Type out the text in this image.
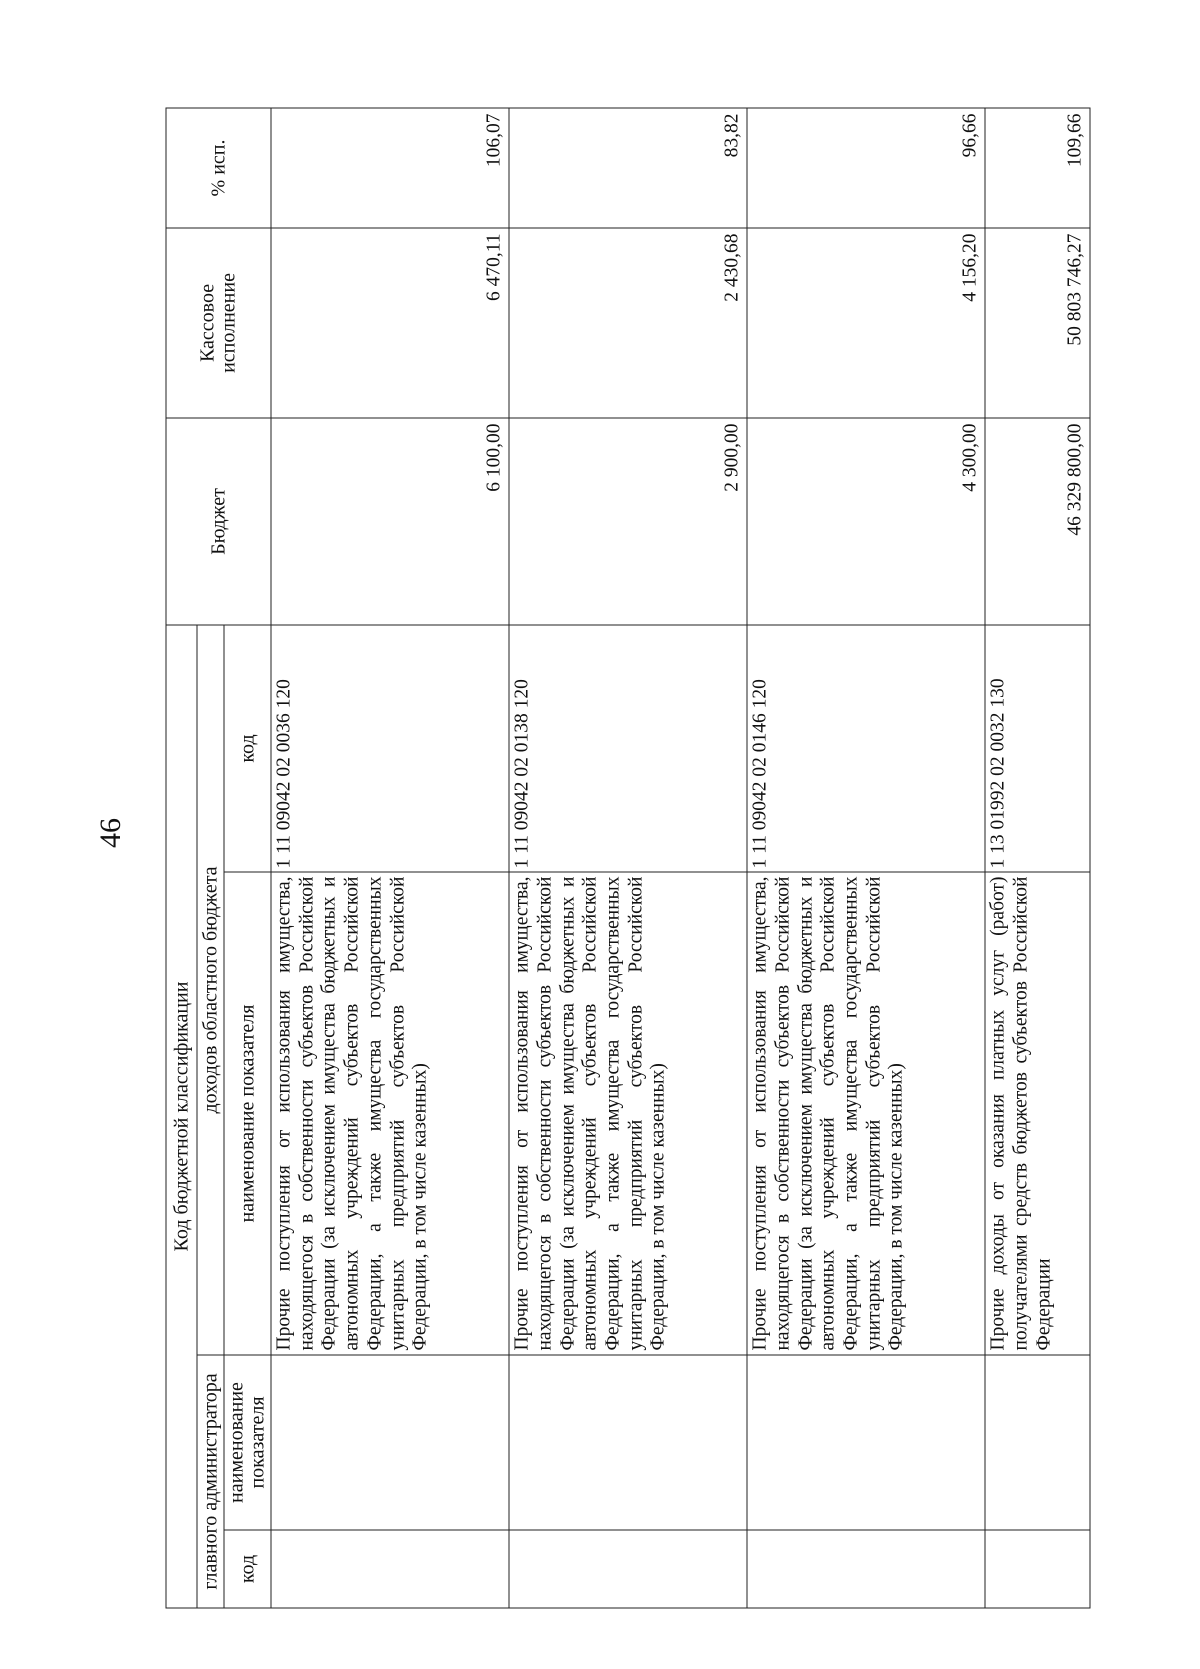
46
Код бюджетной классификации				Бюджет	Кассовое исполнение	% исп.
главного администратора		доходов областного бюджета				
код	наименование показателя	наименование показателя	код			
		Прочие поступления от использования имущества, находящегося в собственности субъектов Российской Федерации (за исключением имущества бюджетных и автономных учреждений субъектов Российской Федерации, а также имущества государственных унитарных предприятий субъектов Российской Федерации, в том числе казенных)	1 11 09042 02 0036 120	6 100,00	6 470,11	106,07
		Прочие поступления от использования имущества, находящегося в собственности субъектов Российской Федерации (за исключением имущества бюджетных и автономных учреждений субъектов Российской Федерации, а также имущества государственных унитарных предприятий субъектов Российской Федерации, в том числе казенных)	1 11 09042 02 0138 120	2 900,00	2 430,68	83,82
		Прочие поступления от использования имущества, находящегося в собственности субъектов Российской Федерации (за исключением имущества бюджетных и автономных учреждений субъектов Российской Федерации, а также имущества государственных унитарных предприятий субъектов Российской Федерации, в том числе казенных)	1 11 09042 02 0146 120	4 300,00	4 156,20	96,66
		Прочие доходы от оказания платных услуг (работ) получателями средств бюджетов субъектов Российской Федерации	1 13 01992 02 0032 130	46 329 800,00	50 803 746,27	109,66
